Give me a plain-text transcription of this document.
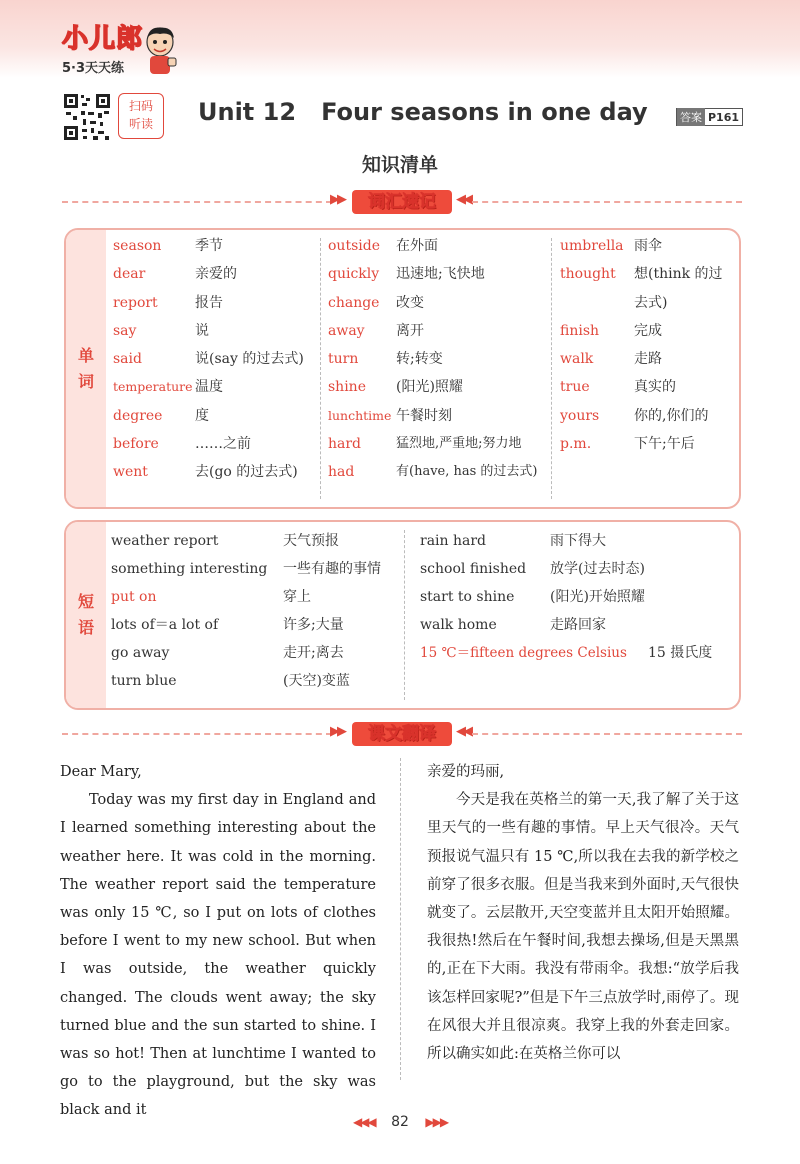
小儿郎
5·3天天练
扫码
听读	Unit 12   Four seasons in one day	答案 P161
知识清单
▶▶	词汇速记	◀◀
单
词
season	季节
dear	亲爱的
report	报告
say	说
said	说(say 的过去式)
temperature 温度
degree	度
before	……之前
went	去(go 的过去式)
outside	在外面
quickly	迅速地;飞快地
change	改变
away	离开
turn	转;转变
shine	(阳光)照耀
lunchtime 午餐时刻
hard	猛烈地,严重地;努力地
had	有(have, has 的过去式)
umbrella 雨伞
thought	想(think 的过
去式)
finish	完成
walk	走路
true	真实的
yours	你的,你们的
p.m.	下午;午后
短
语
weather report	天气预报
something interesting	一些有趣的事情
put on	穿上
lots of＝a lot of	许多;大量
go away	走开;离去
turn blue	(天空)变蓝
rain hard	雨下得大
school finished	放学(过去时态)
start to shine	(阳光)开始照耀
walk home	走路回家
15 ℃＝fifteen degrees Celsius	15 摄氏度
▶▶	课文翻译	◀◀

Dear Mary,

Today was my first day in England and I learned something interesting about the weather here. It was cold in the morning. The weather report said the temperature was only 15 ℃, so I put on lots of clothes before I went to my new school. But when I was outside, the weather quickly changed. The clouds went away; the sky turned blue and the sun started to shine. I was so hot! Then at lunchtime I wanted to go to the playground, but the sky was black and it

亲爱的玛丽,

今天是我在英格兰的第一天,我了解了关于这里天气的一些有趣的事情。早上天气很冷。天气预报说气温只有 15 ℃,所以我在去我的新学校之前穿了很多衣服。但是当我来到外面时,天气很快就变了。云层散开,天空变蓝并且太阳开始照耀。我很热!然后在午餐时间,我想去操场,但是天黑黑的,正在下大雨。我没有带雨伞。我想:“放学后我该怎样回家呢?”但是下午三点放学时,雨停了。现在风很大并且很凉爽。我穿上我的外套走回家。所以确实如此:在英格兰你可以

◀◀◀ 82 ▶▶▶
